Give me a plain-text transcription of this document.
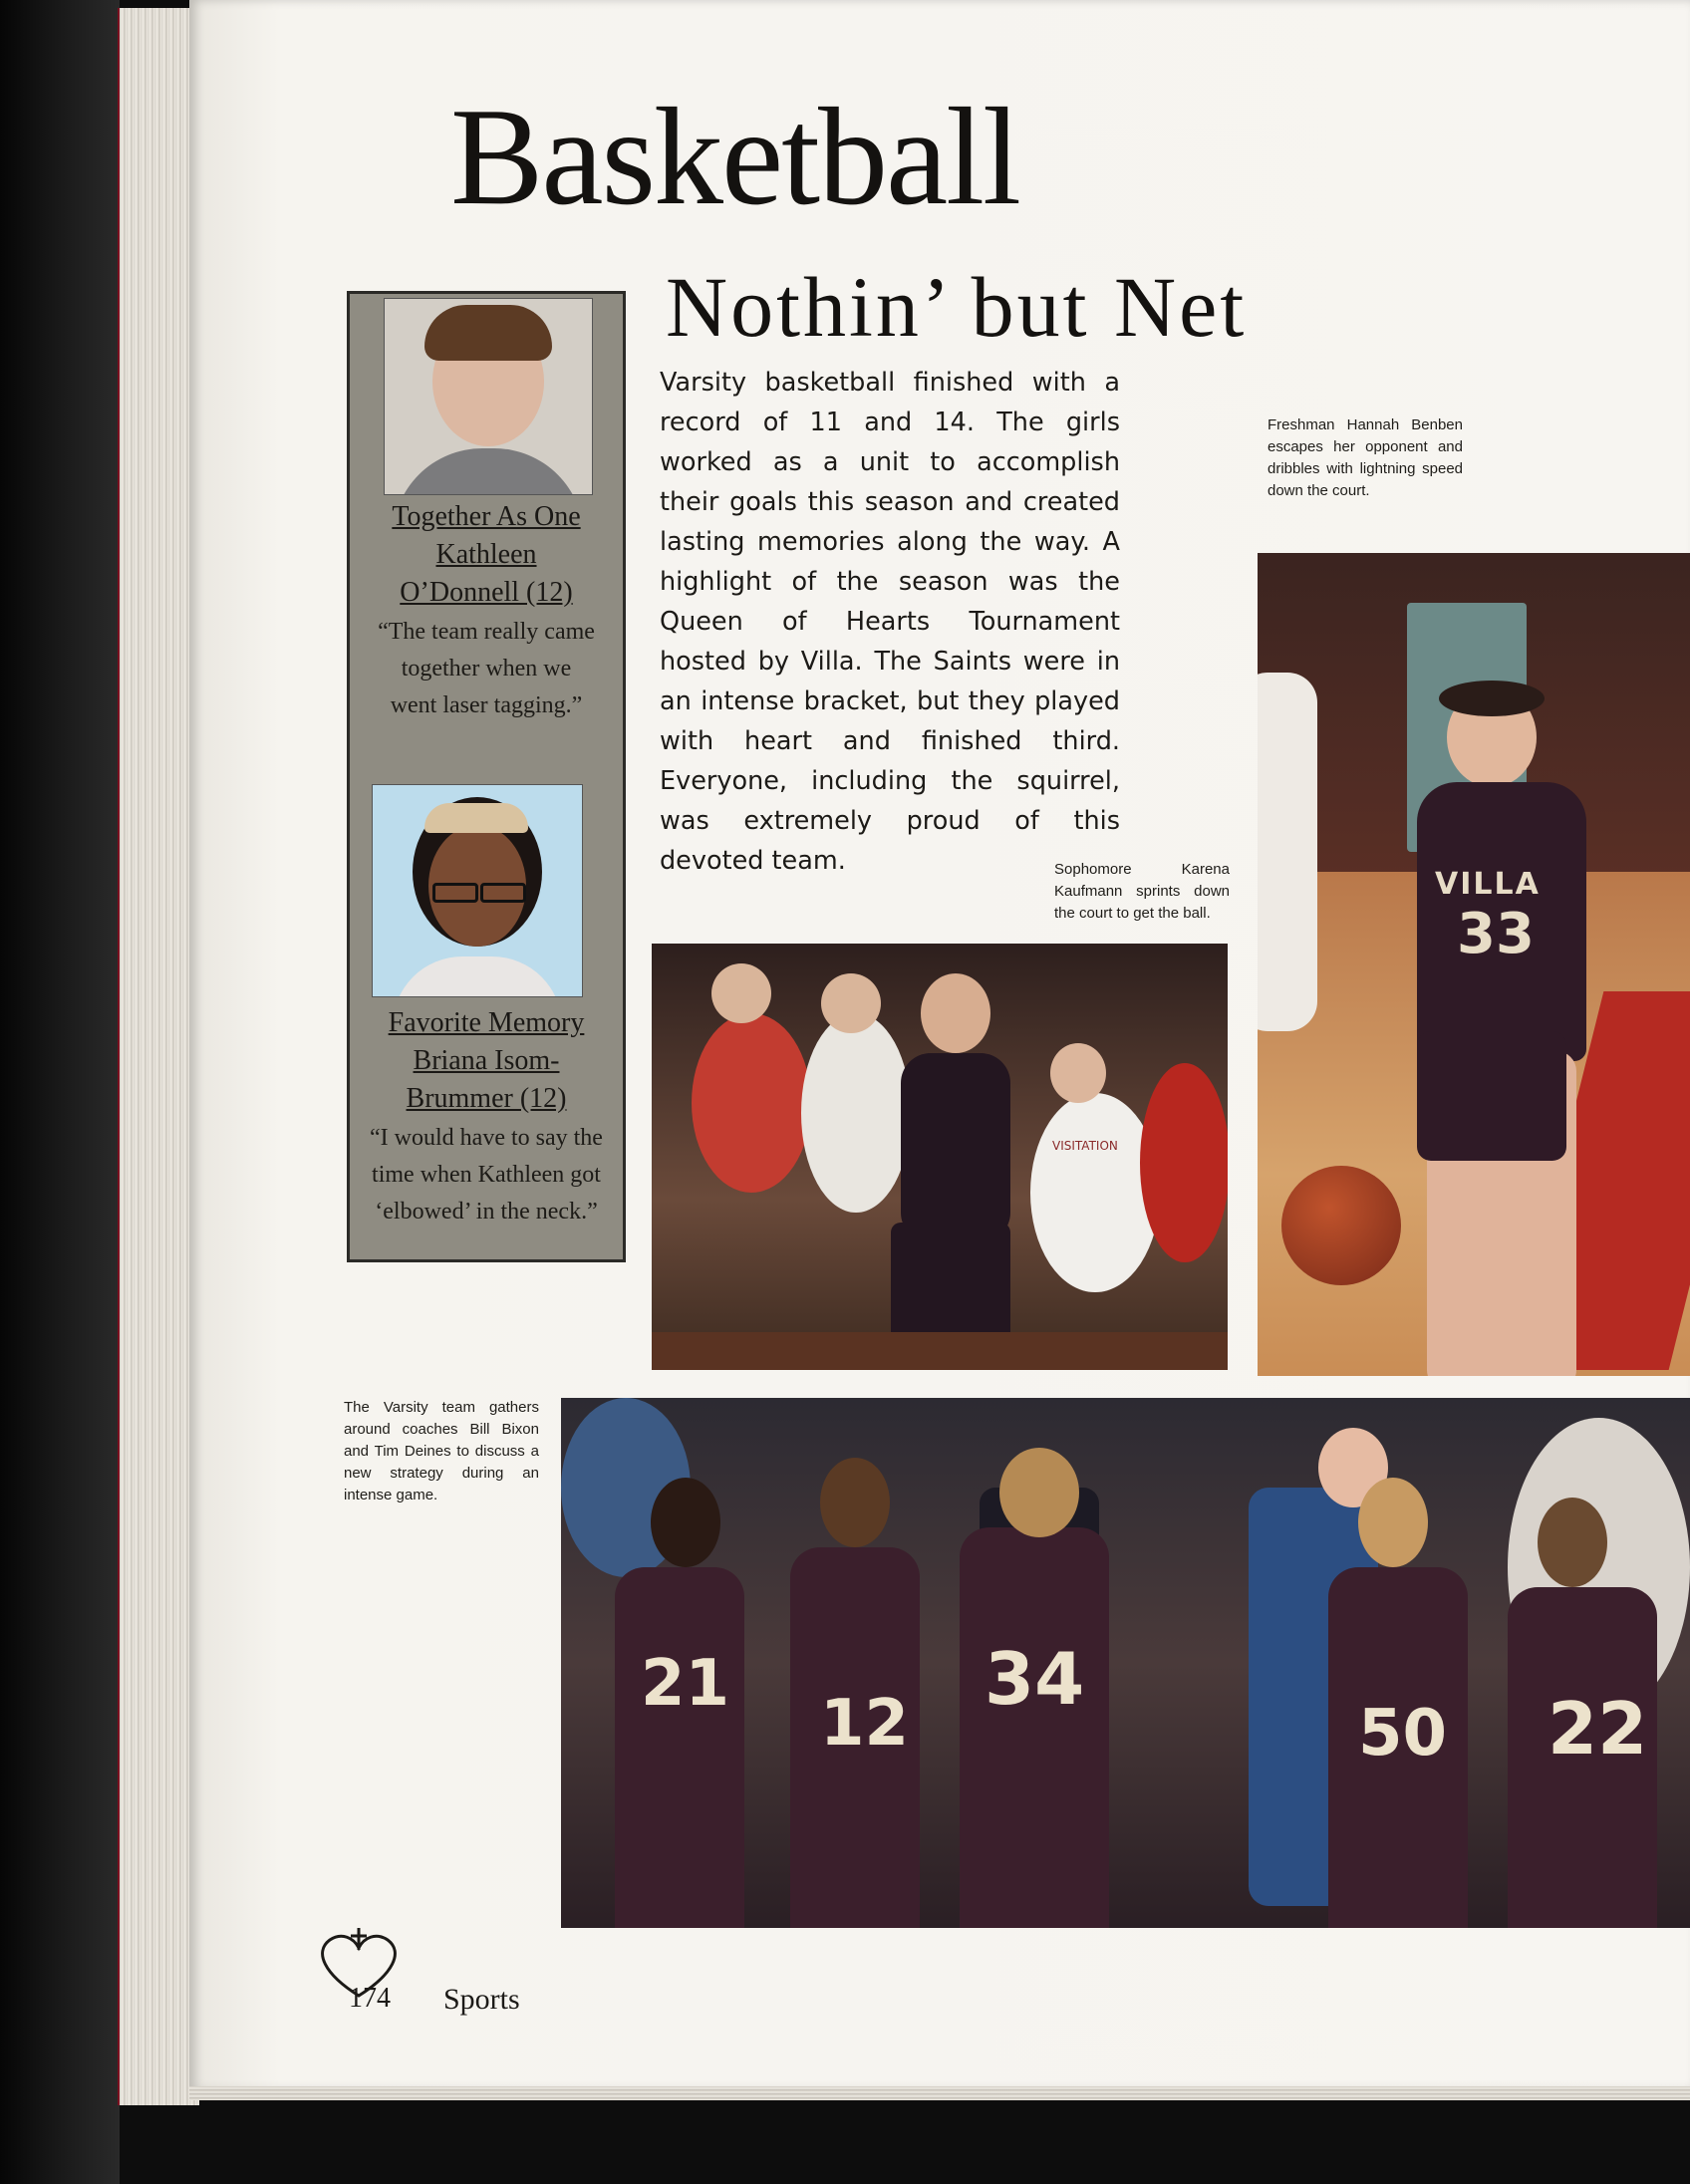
Basketball
Nothin’ but Net
Together As One
Kathleen
O’Donnell (12)
“The team really came
together when we
went laser tagging.”
Favorite Memory
Briana Isom-
Brummer (12)
“I would have to say the
time when Kathleen got
‘elbowed’ in the neck.”
Varsity basketball finished with a record of 11 and 14. The girls worked as a unit to accomplish their goals this season and created lasting memories along the way. A highlight of the season was the Queen of Hearts Tournament hosted by Villa. The Saints were in an intense bracket, but they played with heart and finished third. Everyone, including the squirrel, was extremely proud of this devoted team.
Freshman Hannah Benben escapes her opponent and dribbles with lightning speed down the court.
Sophomore Karena Kaufmann sprints down the court to get the ball.
The Varsity team gathers around coaches Bill Bixon and Tim Deines to discuss a new strategy during an intense game.
VILLA
33
VISITATION
21
12
34
50 22
174 Sports
